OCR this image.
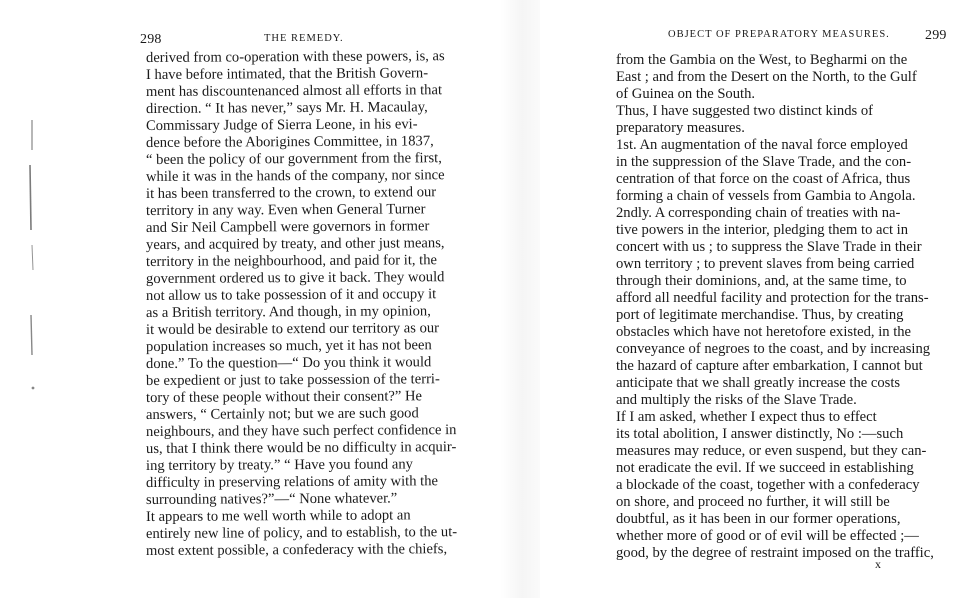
298	THE REMEDY.
derived from co-operation with these powers, is, as
I have before intimated, that the British Govern-
ment has discountenanced almost all efforts in that
direction. “ It has never,” says Mr. H. Macaulay,
Commissary Judge of Sierra Leone, in his evi-
dence before the Aborigines Committee, in 1837,
“ been the policy of our government from the first,
while it was in the hands of the company, nor since
it has been transferred to the crown, to extend our
territory in any way. Even when General Turner
and Sir Neil Campbell were governors in former
years, and acquired by treaty, and other just means,
territory in the neighbourhood, and paid for it, the
government ordered us to give it back. They would
not allow us to take possession of it and occupy it
as a British territory. And though, in my opinion,
it would be desirable to extend our territory as our
population increases so much, yet it has not been
done.” To the question—“ Do you think it would
be expedient or just to take possession of the terri-
tory of these people without their consent?” He
answers, “ Certainly not; but we are such good
neighbours, and they have such perfect confidence in
us, that I think there would be no difficulty in acquir-
ing territory by treaty.” “ Have you found any
difficulty in preserving relations of amity with the
surrounding natives?”—“ None whatever.”
It appears to me well worth while to adopt an
entirely new line of policy, and to establish, to the ut-
most extent possible, a confederacy with the chiefs,
OBJECT OF PREPARATORY MEASURES.	299
from the Gambia on the West, to Begharmi on the
East ; and from the Desert on the North, to the Gulf
of Guinea on the South.
Thus, I have suggested two distinct kinds of
preparatory measures.
1st. An augmentation of the naval force employed
in the suppression of the Slave Trade, and the con-
centration of that force on the coast of Africa, thus
forming a chain of vessels from Gambia to Angola.
2ndly. A corresponding chain of treaties with na-
tive powers in the interior, pledging them to act in
concert with us ; to suppress the Slave Trade in their
own territory ; to prevent slaves from being carried
through their dominions, and, at the same time, to
afford all needful facility and protection for the trans-
port of legitimate merchandise. Thus, by creating
obstacles which have not heretofore existed, in the
conveyance of negroes to the coast, and by increasing
the hazard of capture after embarkation, I cannot but
anticipate that we shall greatly increase the costs
and multiply the risks of the Slave Trade.
If I am asked, whether I expect thus to effect
its total abolition, I answer distinctly, No :—such
measures may reduce, or even suspend, but they can-
not eradicate the evil. If we succeed in establishing
a blockade of the coast, together with a confederacy
on shore, and proceed no further, it will still be
doubtful, as it has been in our former operations,
whether more of good or of evil will be effected ;—
good, by the degree of restraint imposed on the traffic,
x
